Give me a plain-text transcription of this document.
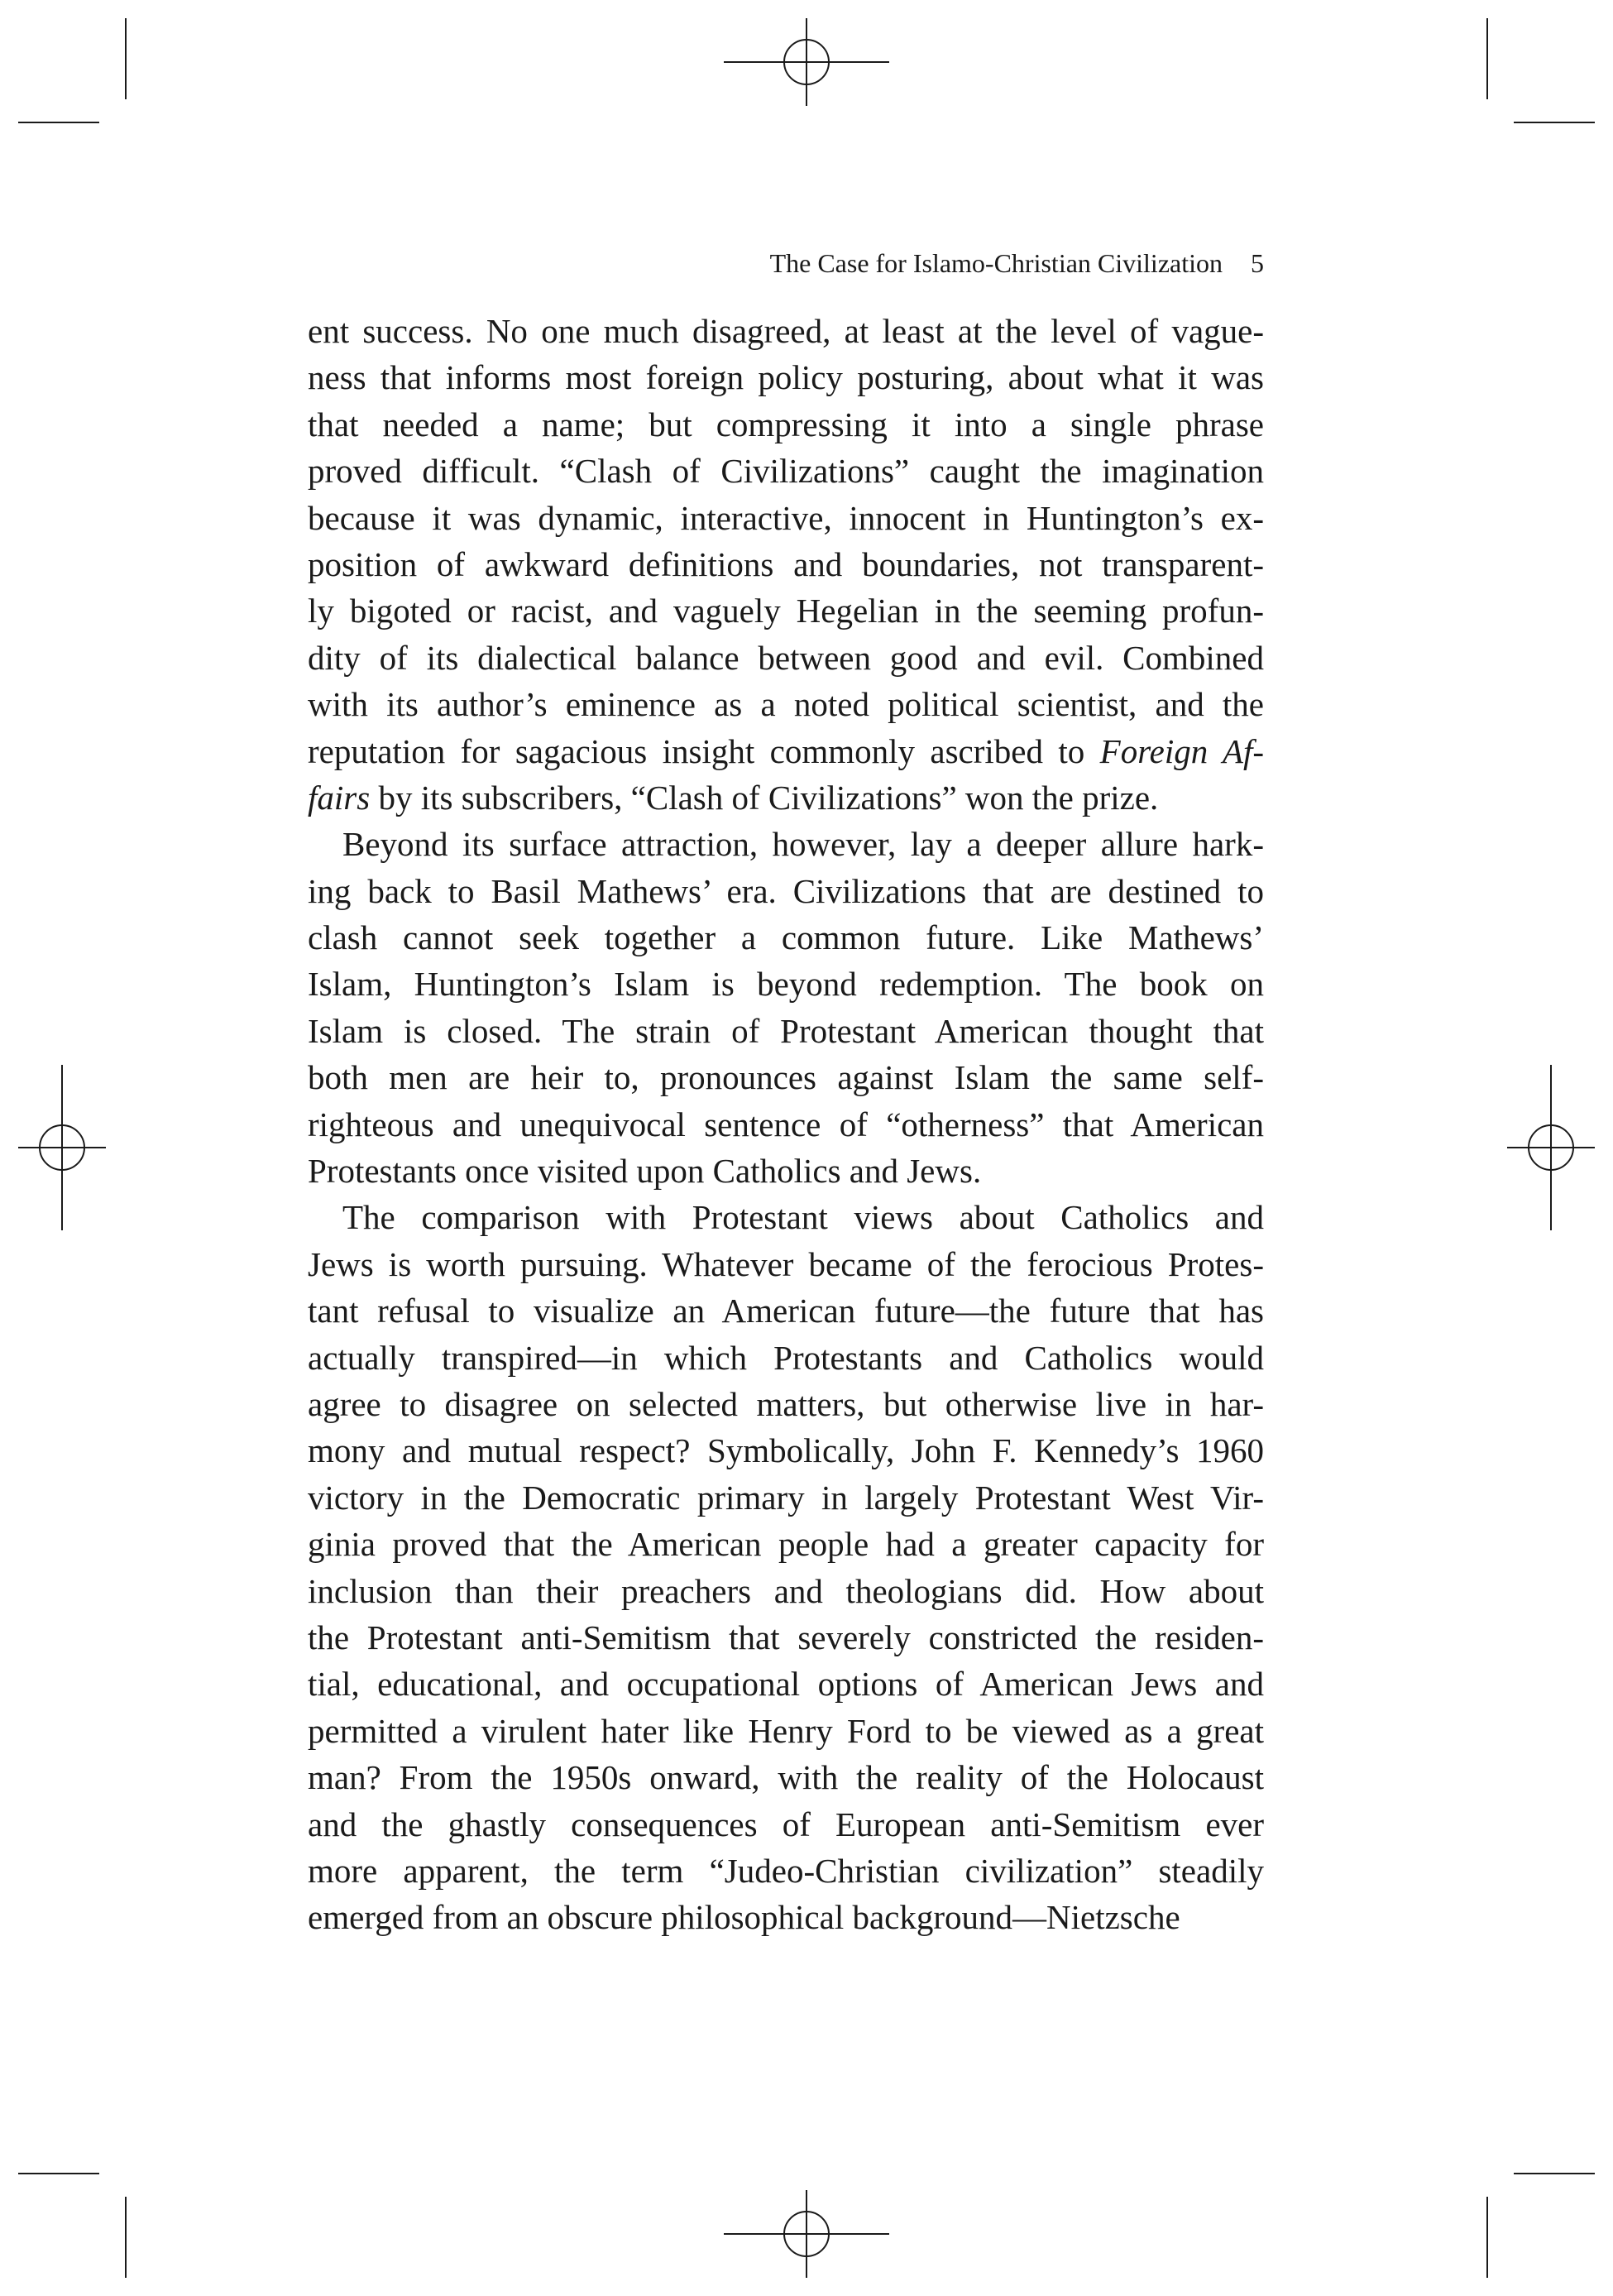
The Case for Islamo-Christian Civilization 5
ent success. No one much disagreed, at least at the level of vague-
ness that informs most foreign policy posturing, about what it was
that needed a name; but compressing it into a single phrase
proved difficult. “Clash of Civilizations” caught the imagination
because it was dynamic, interactive, innocent in Huntington’s ex-
position of awkward definitions and boundaries, not transparent-
ly bigoted or racist, and vaguely Hegelian in the seeming profun-
dity of its dialectical balance between good and evil. Combined
with its author’s eminence as a noted political scientist, and the
reputation for sagacious insight commonly ascribed to Foreign Af-
fairs by its subscribers, “Clash of Civilizations” won the prize.
Beyond its surface attraction, however, lay a deeper allure hark-
ing back to Basil Mathews’ era. Civilizations that are destined to
clash cannot seek together a common future. Like Mathews’
Islam, Huntington’s Islam is beyond redemption. The book on
Islam is closed. The strain of Protestant American thought that
both men are heir to, pronounces against Islam the same self-
righteous and unequivocal sentence of “otherness” that American
Protestants once visited upon Catholics and Jews.
The comparison with Protestant views about Catholics and
Jews is worth pursuing. Whatever became of the ferocious Protes-
tant refusal to visualize an American future—the future that has
actually transpired—in which Protestants and Catholics would
agree to disagree on selected matters, but otherwise live in har-
mony and mutual respect? Symbolically, John F. Kennedy’s 1960
victory in the Democratic primary in largely Protestant West Vir-
ginia proved that the American people had a greater capacity for
inclusion than their preachers and theologians did. How about
the Protestant anti-Semitism that severely constricted the residen-
tial, educational, and occupational options of American Jews and
permitted a virulent hater like Henry Ford to be viewed as a great
man? From the 1950s onward, with the reality of the Holocaust
and the ghastly consequences of European anti-Semitism ever
more apparent, the term “Judeo-Christian civilization” steadily
emerged from an obscure philosophical background—Nietzsche
